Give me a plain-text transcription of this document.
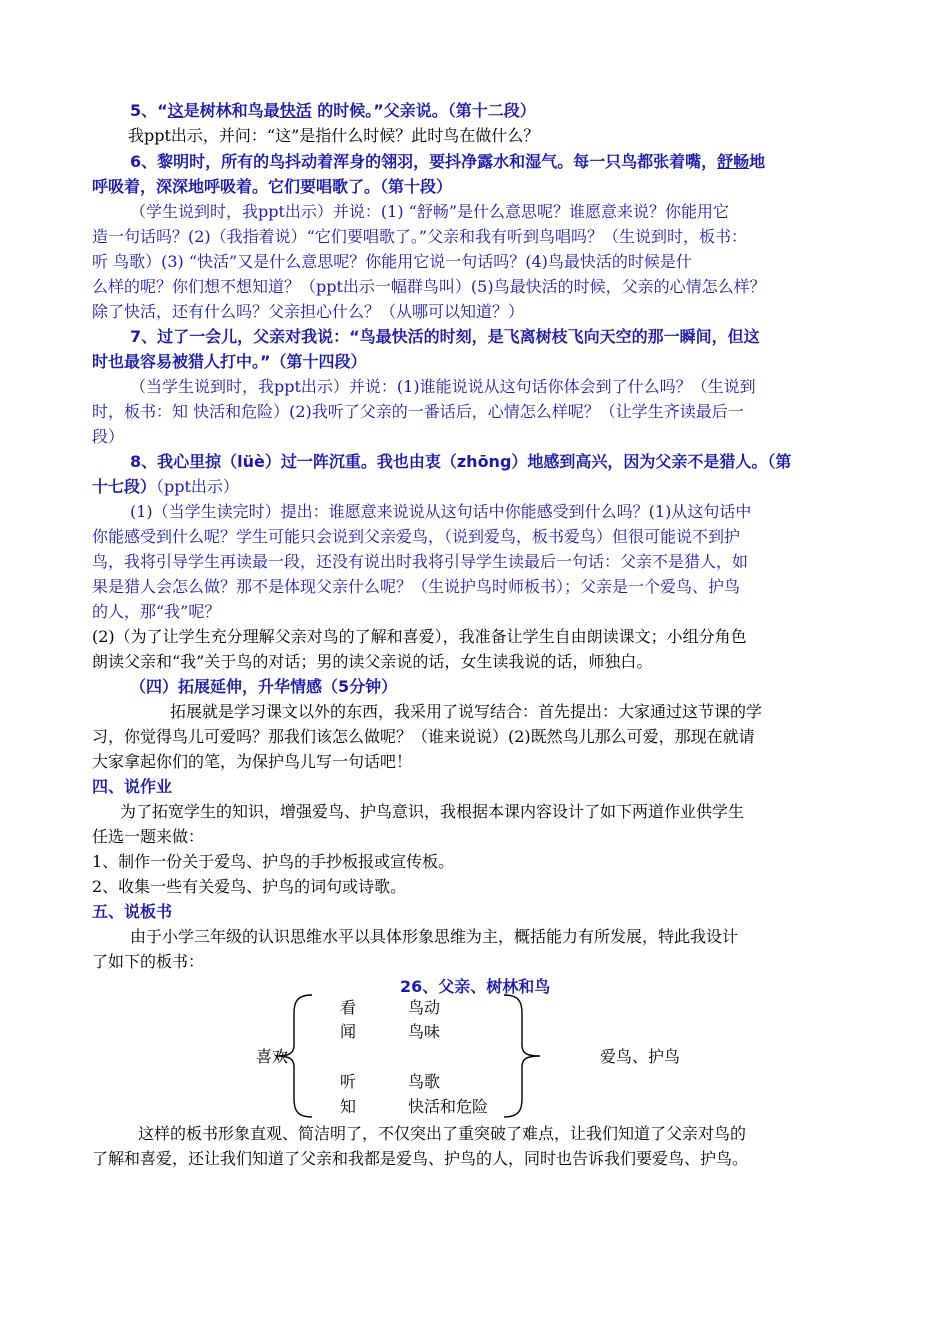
5、“这是树林和鸟最快活 的时候。”父亲说。（第十二段）
我ppt出示，并问：“这”是指什么时候？此时鸟在做什么？
6、黎明时，所有的鸟抖动着浑身的翎羽，要抖净露水和湿气。每一只鸟都张着嘴，舒畅地
呼吸着，深深地呼吸着。它们要唱歌了。（第十段）
（学生说到时，我ppt出示）并说：(1) “舒畅”是什么意思呢？谁愿意来说？你能用它
造一句话吗？(2)（我指着说）“它们要唱歌了。”父亲和我有听到鸟唱吗？（生说到时，板书：
听 鸟歌）(3) “快活”又是什么意思呢？你能用它说一句话吗？(4)鸟最快活的时候是什
么样的呢？你们想不想知道？（ppt出示一幅群鸟叫）(5)鸟最快活的时候，父亲的心情怎么样？
除了快活，还有什么吗？父亲担心什么？（从哪可以知道？）
7、过了一会儿，父亲对我说：“鸟最快活的时刻，是飞离树枝飞向天空的那一瞬间，但这
时也最容易被猎人打中。”（第十四段）
（当学生说到时，我ppt出示）并说：(1)谁能说说从这句话你体会到了什么吗？（生说到
时，板书：知 快活和危险）(2)我听了父亲的一番话后，心情怎么样呢？（让学生齐读最后一
段）
8、我心里掠（lüè）过一阵沉重。我也由衷（zhōng）地感到高兴，因为父亲不是猎人。（第
十七段）（ppt出示）
(1)（当学生读完时）提出：谁愿意来说说从这句话中你能感受到什么吗？(1)从这句话中
你能感受到什么呢？学生可能只会说到父亲爱鸟，（说到爱鸟，板书爱鸟）但很可能说不到护
鸟，我将引导学生再读最一段，还没有说出时我将引导学生读最后一句话：父亲不是猎人，如
果是猎人会怎么做？那不是体现父亲什么呢？（生说护鸟时师板书）；父亲是一个爱鸟、护鸟
的人，那“我”呢？
(2)（为了让学生充分理解父亲对鸟的了解和喜爱），我准备让学生自由朗读课文；小组分角色
朗读父亲和“我”关于鸟的对话；男的读父亲说的话，女生读我说的话，师独白。
（四）拓展延伸，升华情感（5分钟）
拓展就是学习课文以外的东西，我采用了说写结合：首先提出：大家通过这节课的学
习，你觉得鸟儿可爱吗？那我们该怎么做呢？（谁来说说）(2)既然鸟儿那么可爱，那现在就请
大家拿起你们的笔，为保护鸟儿写一句话吧！
四、说作业
为了拓宽学生的知识，增强爱鸟、护鸟意识，我根据本课内容设计了如下两道作业供学生
任选一题来做：
1、制作一份关于爱鸟、护鸟的手抄板报或宣传板。
2、收集一些有关爱鸟、护鸟的词句或诗歌。
五、说板书
由于小学三年级的认识思维水平以具体形象思维为主，概括能力有所发展，特此我设计
了如下的板书：
26、父亲、树林和鸟
喜欢	爱鸟、护鸟
看	鸟动
闻	鸟味
听	鸟歌
知	快活和危险
这样的板书形象直观、简洁明了，不仅突出了重突破了难点，让我们知道了父亲对鸟的
了解和喜爱，还让我们知道了父亲和我都是爱鸟、护鸟的人，同时也告诉我们要爱鸟、护鸟。
